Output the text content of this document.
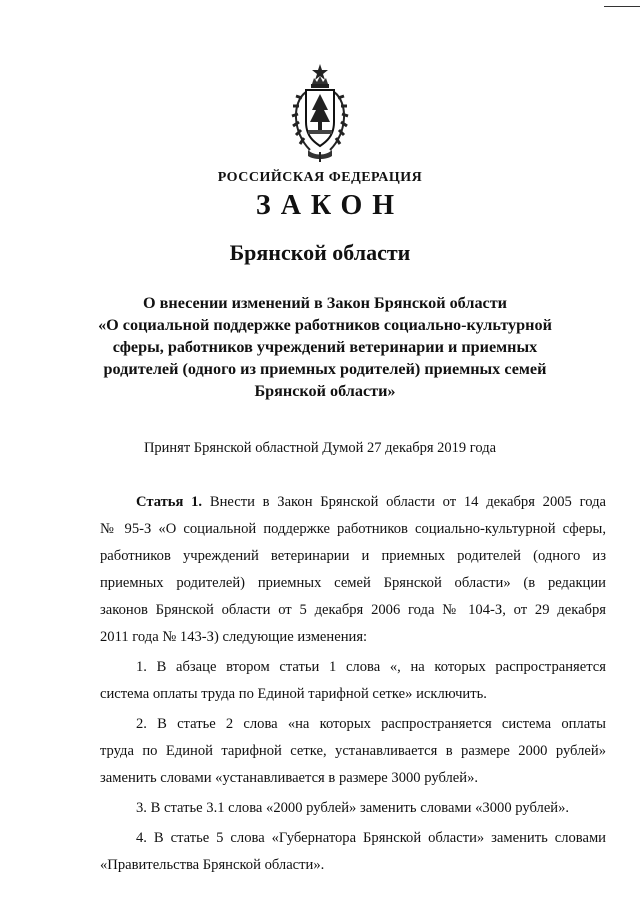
РОССИЙСКАЯ ФЕДЕРАЦИЯ
ЗАКОН
Брянской области
О внесении изменений в Закон Брянской области
«О социальной поддержке работников социально-культурной
сферы, работников учреждений ветеринарии и приемных
родителей (одного из приемных родителей) приемных семей
Брянской области»
Принят Брянской областной Думой 27 декабря 2019 года
Статья 1. Внести в Закон Брянской области от 14 декабря 2005 года
№ 95-З «О социальной поддержке работников социально-культурной сферы,
работников учреждений ветеринарии и приемных родителей (одного из
приемных родителей) приемных семей Брянской области» (в редакции
законов Брянской области от 5 декабря 2006 года № 104-З, от 29 декабря
2011 года № 143-З) следующие изменения:
1. В абзаце втором статьи 1 слова «, на которых распространяется
система оплаты труда по Единой тарифной сетке» исключить.
2. В статье 2 слова «на которых распространяется система оплаты
труда по Единой тарифной сетке, устанавливается в размере 2000 рублей»
заменить словами «устанавливается в размере 3000 рублей».
3. В статье 3.1 слова «2000 рублей» заменить словами «3000 рублей».
4. В статье 5 слова «Губернатора Брянской области» заменить словами
«Правительства Брянской области».
